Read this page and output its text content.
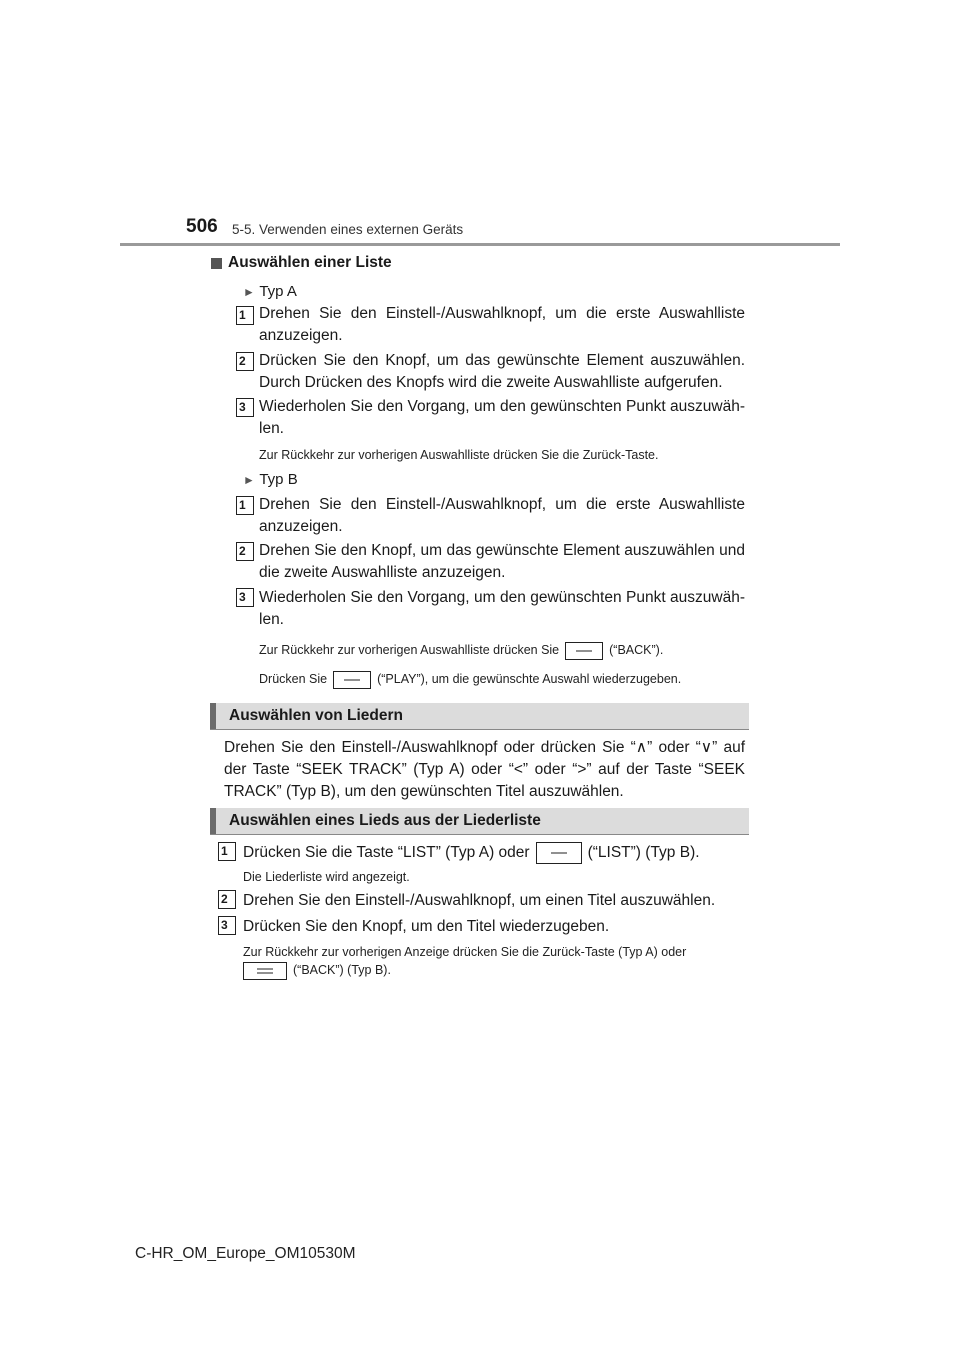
506 5-5. Verwenden eines externen Geräts
Auswählen einer Liste
► Typ A
1 Drehen Sie den Einstell-/Auswahlknopf, um die erste Auswahlliste anzuzeigen.
2 Drücken Sie den Knopf, um das gewünschte Element auszuwählen. Durch Drücken des Knopfs wird die zweite Auswahlliste aufgerufen.
3 Wiederholen Sie den Vorgang, um den gewünschten Punkt auszuwäh-len.
Zur Rückkehr zur vorherigen Auswahlliste drücken Sie die Zurück-Taste.
► Typ B
1 Drehen Sie den Einstell-/Auswahlknopf, um die erste Auswahlliste anzuzeigen.
2 Drehen Sie den Knopf, um das gewünschte Element auszuwählen und die zweite Auswahlliste anzuzeigen.
3 Wiederholen Sie den Vorgang, um den gewünschten Punkt auszuwäh-len.
Zur Rückkehr zur vorherigen Auswahlliste drücken Sie	(“BACK”).
Drücken Sie	(“PLAY”), um die gewünschte Auswahl wiederzugeben.
Auswählen von Liedern
Drehen Sie den Einstell-/Auswahlknopf oder drücken Sie “∧” oder “∨” auf der Taste “SEEK TRACK” (Typ A) oder “<” oder “>” auf der Taste “SEEK TRACK” (Typ B), um den gewünschten Titel auszuwählen.
Auswählen eines Lieds aus der Liederliste
1 Drücken Sie die Taste “LIST” (Typ A) oder	(“LIST”) (Typ B).
Die Liederliste wird angezeigt.
2 Drehen Sie den Einstell-/Auswahlknopf, um einen Titel auszuwählen.
3 Drücken Sie den Knopf, um den Titel wiederzugeben.
Zur Rückkehr zur vorherigen Anzeige drücken Sie die Zurück-Taste (Typ A) oder

(“BACK”) (Typ B).
C-HR_OM_Europe_OM10530M
